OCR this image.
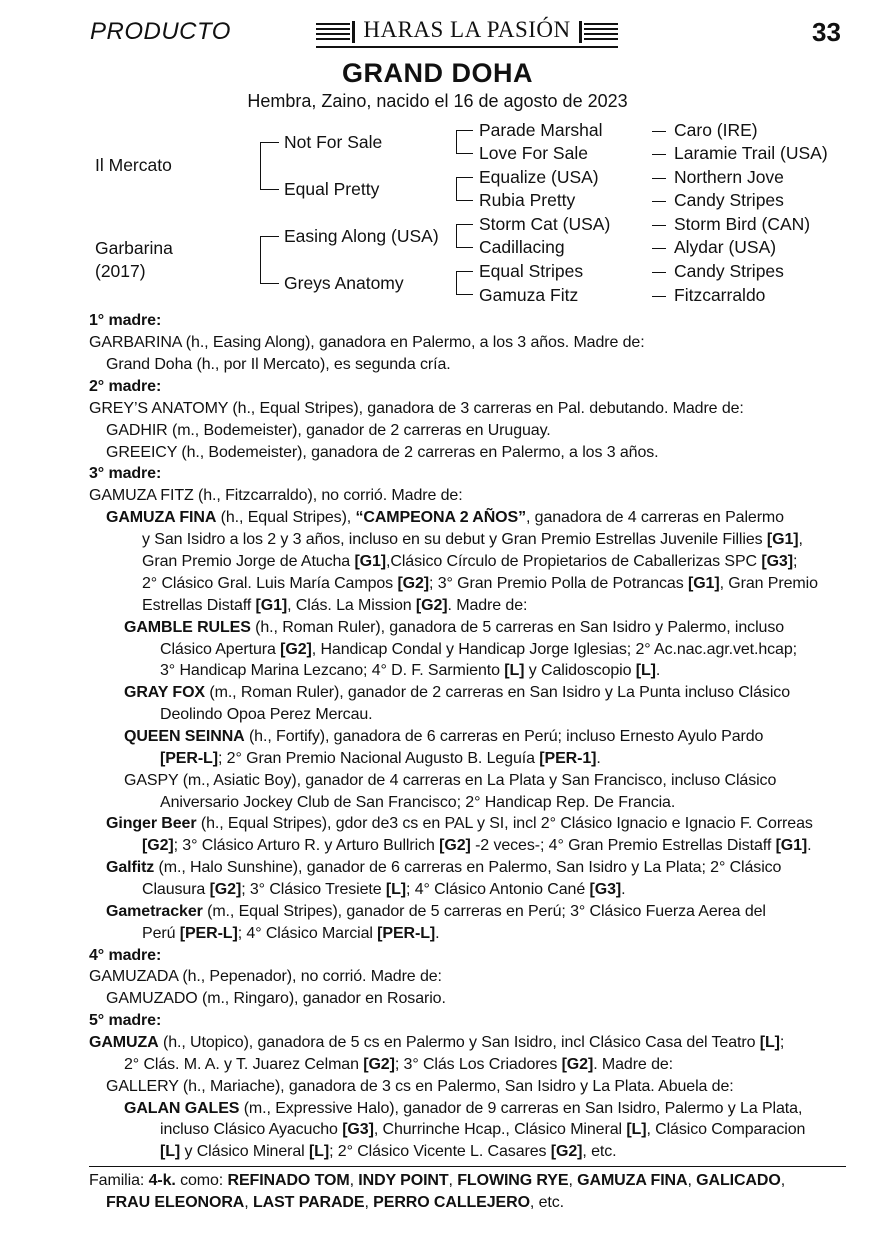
PRODUCTO	HARAS LA PASIÓN	33
GRAND DOHA
Hembra, Zaino, nacido el 16 de agosto de 2023
Il Mercato
Garbarina
(2017)
Not For Sale
Equal Pretty
Easing Along (USA)
Greys Anatomy
Parade Marshal
Love For Sale
Equalize (USA)
Rubia Pretty
Storm Cat (USA)
Cadillacing
Equal Stripes
Gamuza Fitz
Caro (IRE)
Laramie Trail (USA)
Northern Jove
Candy Stripes
Storm Bird (CAN)
Alydar (USA)
Candy Stripes
Fitzcarraldo
1° madre:
GARBARINA (h., Easing Along), ganadora en Palermo, a los 3 años. Madre de:
Grand Doha (h., por Il Mercato), es segunda cría.
2° madre:
GREY’S ANATOMY (h., Equal Stripes), ganadora de 3 carreras en Pal. debutando. Madre de:
GADHIR (m., Bodemeister), ganador de 2 carreras en Uruguay.
GREEICY (h., Bodemeister), ganadora de 2 carreras en Palermo, a los 3 años.
3° madre:
GAMUZA FITZ (h., Fitzcarraldo), no corrió. Madre de:
GAMUZA FINA (h., Equal Stripes), “CAMPEONA 2 AÑOS”, ganadora de 4 carreras en Palermo
y San Isidro a los 2 y 3 años, incluso en su debut y Gran Premio Estrellas Juvenile Fillies [G1],
Gran Premio Jorge de Atucha [G1],Clásico Círculo de Propietarios de Caballerizas SPC [G3];
2° Clásico Gral. Luis María Campos [G2]; 3° Gran Premio Polla de Potrancas [G1], Gran Premio
Estrellas Distaff [G1], Clás. La Mission [G2]. Madre de:
GAMBLE RULES (h., Roman Ruler), ganadora de 5 carreras en San Isidro y Palermo, incluso
Clásico Apertura [G2], Handicap Condal y Handicap Jorge Iglesias; 2° Ac.nac.agr.vet.hcap;
3° Handicap Marina Lezcano; 4° D. F. Sarmiento [L] y Calidoscopio [L].
GRAY FOX (m., Roman Ruler), ganador de 2 carreras en San Isidro y La Punta incluso Clásico
Deolindo Opoa Perez Mercau.
QUEEN SEINNA (h., Fortify), ganadora de 6 carreras en Perú; incluso Ernesto Ayulo Pardo
[PER-L]; 2° Gran Premio Nacional Augusto B. Leguía [PER-1].
GASPY (m., Asiatic Boy), ganador de 4 carreras en La Plata y San Francisco, incluso Clásico
Aniversario Jockey Club de San Francisco; 2° Handicap Rep. De Francia.
Ginger Beer (h., Equal Stripes), gdor de3 cs en PAL y SI, incl 2° Clásico Ignacio e Ignacio F. Correas
[G2]; 3° Clásico Arturo R. y Arturo Bullrich [G2] -2 veces-; 4° Gran Premio Estrellas Distaff [G1].
Galfitz (m., Halo Sunshine), ganador de 6 carreras en Palermo, San Isidro y La Plata; 2° Clásico
Clausura [G2]; 3° Clásico Tresiete [L]; 4° Clásico Antonio Cané [G3].
Gametracker (m., Equal Stripes), ganador de 5 carreras en Perú; 3° Clásico Fuerza Aerea del
Perú [PER-L]; 4° Clásico Marcial [PER-L].
4° madre:
GAMUZADA (h., Pepenador), no corrió. Madre de:
GAMUZADO (m., Ringaro), ganador en Rosario.
5° madre:
GAMUZA (h., Utopico), ganadora de 5 cs en Palermo y San Isidro, incl Clásico Casa del Teatro [L];
2° Clás. M. A. y T. Juarez Celman [G2]; 3° Clás Los Criadores [G2]. Madre de:
GALLERY (h., Mariache), ganadora de 3 cs en Palermo, San Isidro y La Plata. Abuela de:
GALAN GALES (m., Expressive Halo), ganador de 9 carreras en San Isidro, Palermo y La Plata,
incluso Clásico Ayacucho [G3], Churrinche Hcap., Clásico Mineral [L], Clásico Comparacion
[L] y Clásico Mineral [L]; 2° Clásico Vicente L. Casares [G2], etc.
Familia: 4-k. como: REFINADO TOM, INDY POINT, FLOWING RYE, GAMUZA FINA, GALICADO,
FRAU ELEONORA, LAST PARADE, PERRO CALLEJERO, etc.
